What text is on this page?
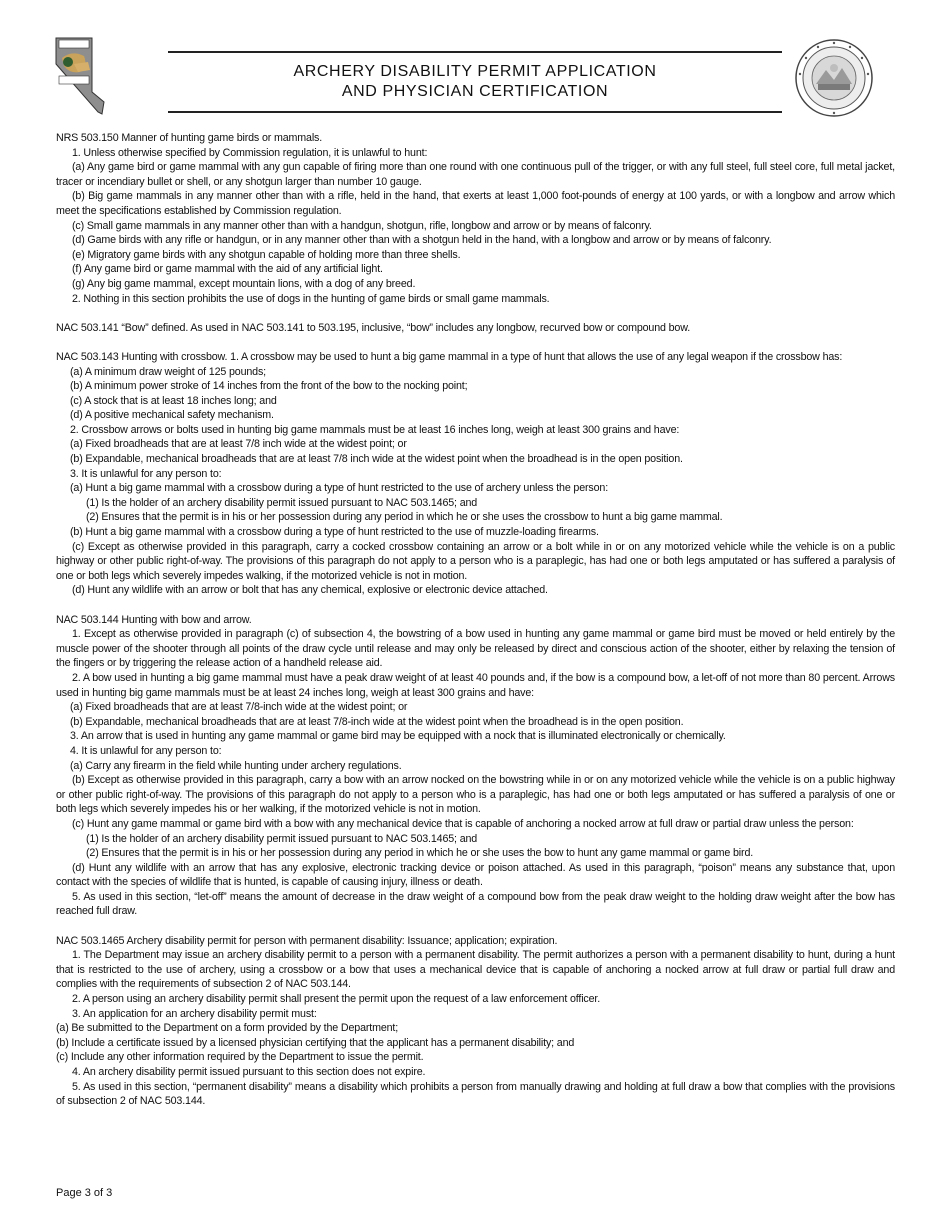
ARCHERY DISABILITY PERMIT APPLICATION
AND PHYSICIAN CERTIFICATION

NRS 503.150 Manner of hunting game birds or mammals.

1. Unless otherwise specified by Commission regulation, it is unlawful to hunt:

(a) Any game bird or game mammal with any gun capable of firing more than one round with one continuous pull of the trigger, or with any full steel, full steel core, full metal jacket, tracer or incendiary bullet or shell, or any shotgun larger than number 10 gauge.

(b) Big game mammals in any manner other than with a rifle, held in the hand, that exerts at least 1,000 foot-pounds of energy at 100 yards, or with a longbow and arrow which meet the specifications established by Commission regulation.

(c) Small game mammals in any manner other than with a handgun, shotgun, rifle, longbow and arrow or by means of falconry.

(d) Game birds with any rifle or handgun, or in any manner other than with a shotgun held in the hand, with a longbow and arrow or by means of falconry.

(e) Migratory game birds with any shotgun capable of holding more than three shells.

(f) Any game bird or game mammal with the aid of any artificial light.

(g) Any big game mammal, except mountain lions, with a dog of any breed.

2. Nothing in this section prohibits the use of dogs in the hunting of game birds or small game mammals.

NAC 503.141 “Bow” defined. As used in NAC 503.141 to 503.195, inclusive, “bow” includes any longbow, recurved bow or compound bow.

NAC 503.143 Hunting with crossbow. 1. A crossbow may be used to hunt a big game mammal in a type of hunt that allows the use of any legal weapon if the crossbow has:

(a) A minimum draw weight of 125 pounds;

(b) A minimum power stroke of 14 inches from the front of the bow to the nocking point;

(c) A stock that is at least 18 inches long; and

(d) A positive mechanical safety mechanism.

2. Crossbow arrows or bolts used in hunting big game mammals must be at least 16 inches long, weigh at least 300 grains and have:

(a) Fixed broadheads that are at least 7/8 inch wide at the widest point; or

(b) Expandable, mechanical broadheads that are at least 7/8 inch wide at the widest point when the broadhead is in the open position.

3. It is unlawful for any person to:

(a) Hunt a big game mammal with a crossbow during a type of hunt restricted to the use of archery unless the person:

(1) Is the holder of an archery disability permit issued pursuant to NAC 503.1465; and

(2) Ensures that the permit is in his or her possession during any period in which he or she uses the crossbow to hunt a big game mammal.

(b) Hunt a big game mammal with a crossbow during a type of hunt restricted to the use of muzzle-loading firearms.

(c) Except as otherwise provided in this paragraph, carry a cocked crossbow containing an arrow or a bolt while in or on any motorized vehicle while the vehicle is on a public highway or other public right-of-way. The provisions of this paragraph do not apply to a person who is a paraplegic, has had one or both legs amputated or has suffered a paralysis of one or both legs which severely impedes walking, if the motorized vehicle is not in motion.

(d) Hunt any wildlife with an arrow or bolt that has any chemical, explosive or electronic device attached.

NAC 503.144 Hunting with bow and arrow.

1. Except as otherwise provided in paragraph (c) of subsection 4, the bowstring of a bow used in hunting any game mammal or game bird must be moved or held entirely by the muscle power of the shooter through all points of the draw cycle until release and may only be released by direct and conscious action of the shooter, either by relaxing the tension of the fingers or by triggering the release action of a handheld release aid.

2. A bow used in hunting a big game mammal must have a peak draw weight of at least 40 pounds and, if the bow is a compound bow, a let-off of not more than 80 percent. Arrows used in hunting big game mammals must be at least 24 inches long, weigh at least 300 grains and have:

(a) Fixed broadheads that are at least 7/8-inch wide at the widest point; or

(b) Expandable, mechanical broadheads that are at least 7/8-inch wide at the widest point when the broadhead is in the open position.

3. An arrow that is used in hunting any game mammal or game bird may be equipped with a nock that is illuminated electronically or chemically.

4. It is unlawful for any person to:

(a) Carry any firearm in the field while hunting under archery regulations.

(b) Except as otherwise provided in this paragraph, carry a bow with an arrow nocked on the bowstring while in or on any motorized vehicle while the vehicle is on a public highway or other public right-of-way. The provisions of this paragraph do not apply to a person who is a paraplegic, has had one or both legs amputated or has suffered a paralysis of one or both legs which severely impedes his or her walking, if the motorized vehicle is not in motion.

(c) Hunt any game mammal or game bird with a bow with any mechanical device that is capable of anchoring a nocked arrow at full draw or partial draw unless the person:

(1) Is the holder of an archery disability permit issued pursuant to NAC 503.1465; and

(2) Ensures that the permit is in his or her possession during any period in which he or she uses the bow to hunt any game mammal or game bird.

(d) Hunt any wildlife with an arrow that has any explosive, electronic tracking device or poison attached. As used in this paragraph, “poison” means any substance that, upon contact with the species of wildlife that is hunted, is capable of causing injury, illness or death.

5. As used in this section, “let-off” means the amount of decrease in the draw weight of a compound bow from the peak draw weight to the holding draw weight after the bow has reached full draw.

NAC 503.1465 Archery disability permit for person with permanent disability: Issuance; application; expiration.

1. The Department may issue an archery disability permit to a person with a permanent disability. The permit authorizes a person with a permanent disability to hunt, during a hunt that is restricted to the use of archery, using a crossbow or a bow that uses a mechanical device that is capable of anchoring a nocked arrow at full draw or partial full draw and complies with the requirements of subsection 2 of NAC 503.144.

2. A person using an archery disability permit shall present the permit upon the request of a law enforcement officer.

3. An application for an archery disability permit must:

(a) Be submitted to the Department on a form provided by the Department;

(b) Include a certificate issued by a licensed physician certifying that the applicant has a permanent disability; and

(c) Include any other information required by the Department to issue the permit.

4. An archery disability permit issued pursuant to this section does not expire.

5. As used in this section, “permanent disability” means a disability which prohibits a person from manually drawing and holding at full draw a bow that complies with the provisions of subsection 2 of NAC 503.144.

Page 3 of 3
